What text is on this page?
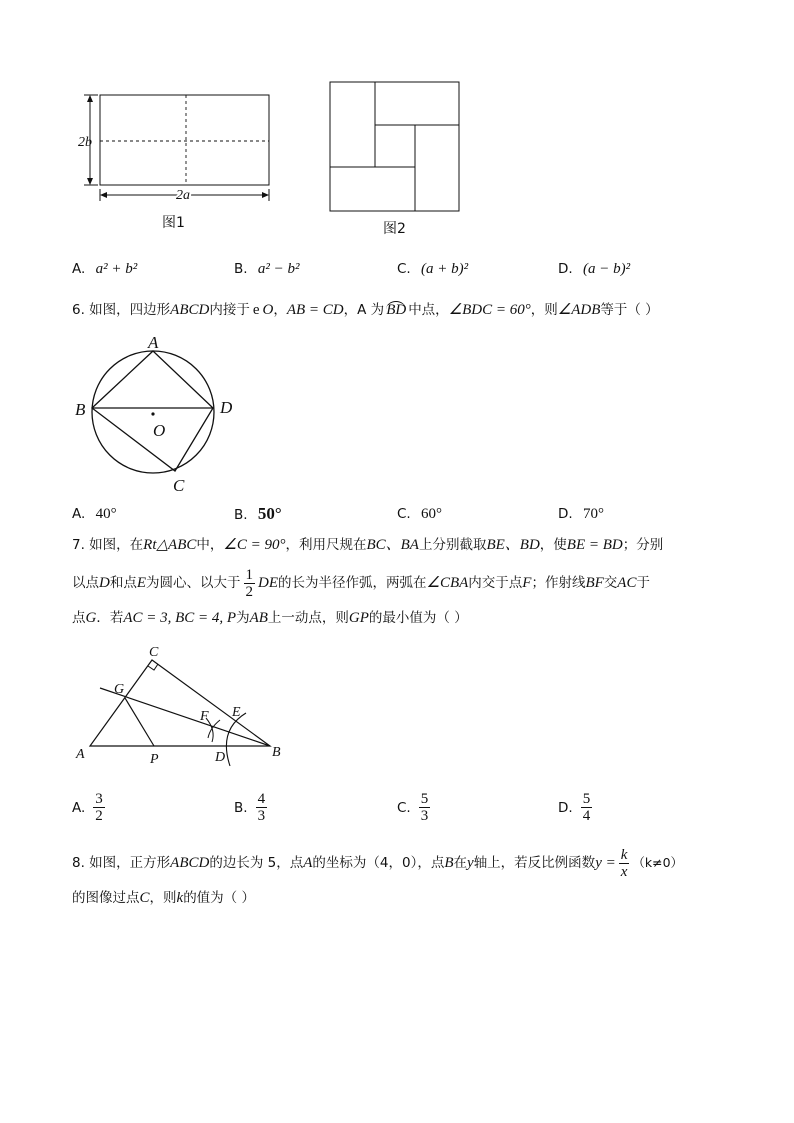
2b
2a
图1	图2
A. a² + b²	B. a² − b²	C. (a + b)²	D. (a − b)²
6. 如图，四边形ABCD内接于 e O，AB = CD，A 为 BD 中点，∠BDC = 60°，则∠ADB等于（ ）
A
B	D
O
C
A. 40°	B. 50°	C. 60°	D. 70°
7. 如图，在Rt△ABC中，∠C = 90°，利用尺规在BC、BA上分别截取BE、BD，使BE = BD；分别
以点D和点E为圆心、以大于 $\frac{1}{2}$ DE的长为半径作弧，两弧在∠CBA内交于点F；作射线BF交AC于
点G．若AC = 3, BC = 4, P为AB上一动点，则GP的最小值为（ ）
C
G
F E
A	P	D	B
A. $\frac{3}{2}$	B. $\frac{4}{3}$	C. $\frac{5}{3}$	D. $\frac{5}{4}$
8. 如图，正方形ABCD的边长为 5，点A的坐标为（4，0），点B在y轴上，若反比例函数$y = \frac{k}{x} (k\ne 0)$
的图像过点C，则k的值为（ ）
